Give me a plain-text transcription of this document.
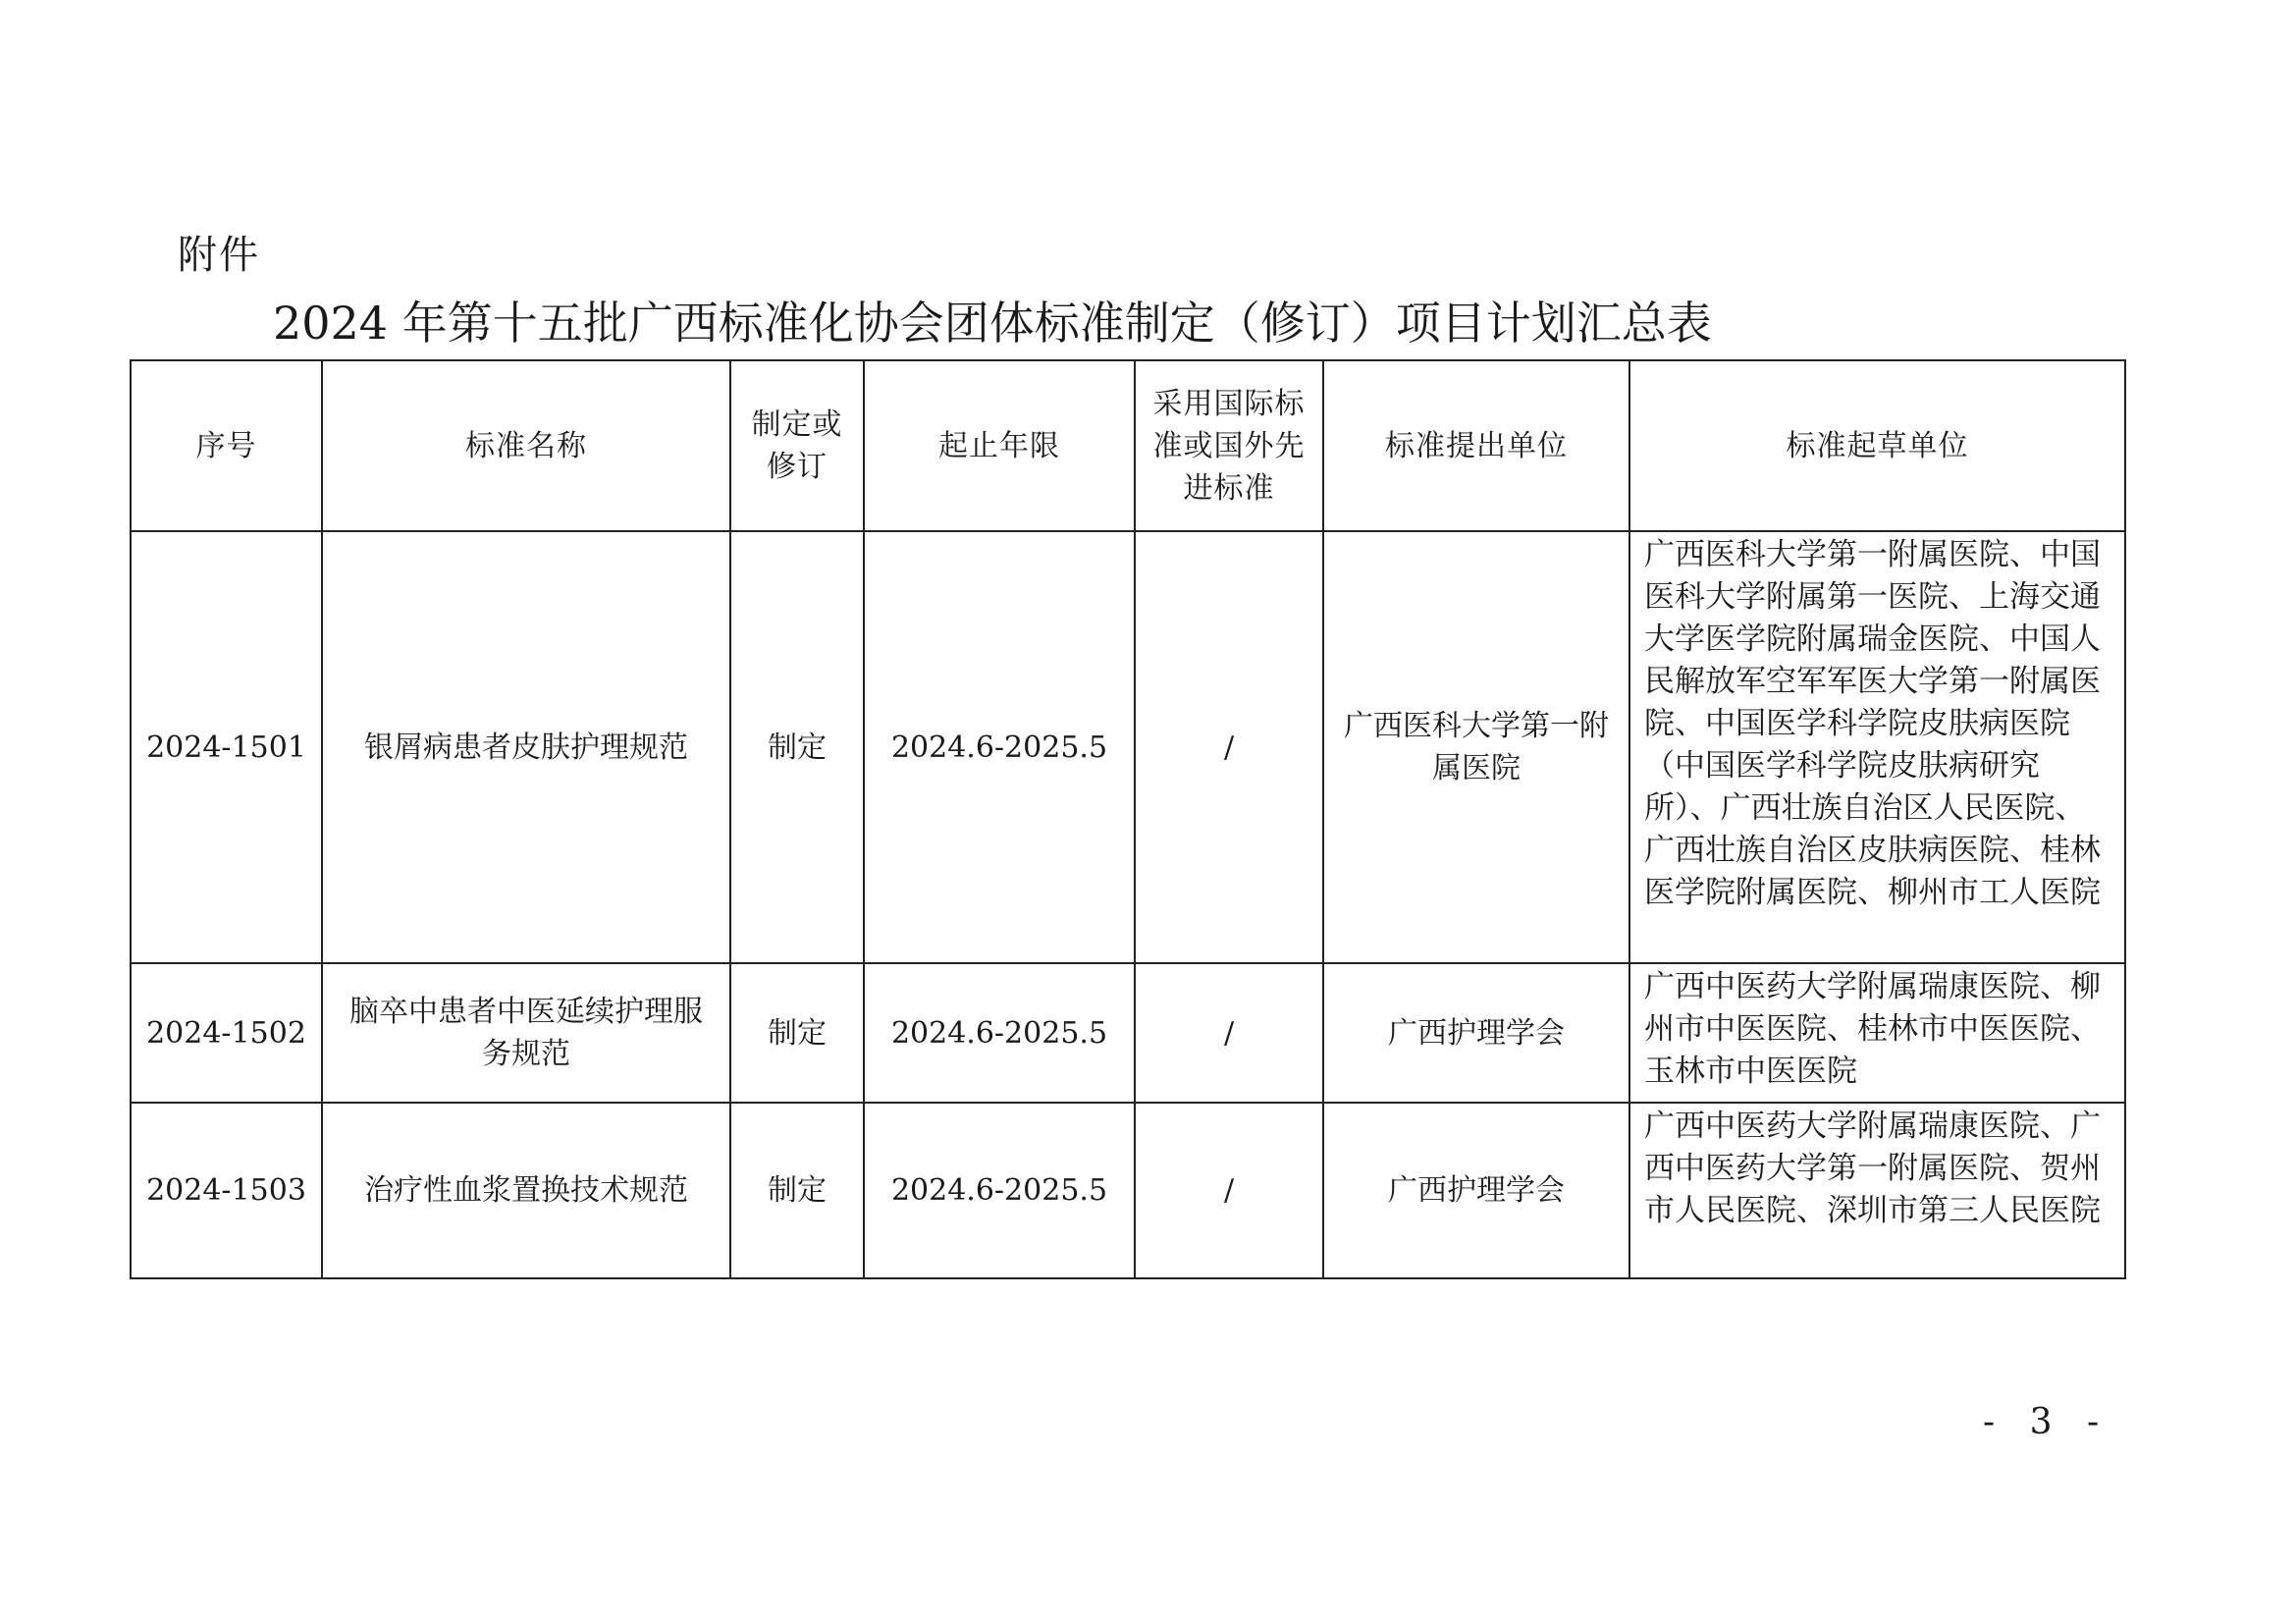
附件
2024 年第十五批广西标准化协会团体标准制定（修订）项目计划汇总表
序号	标准名称	制定或修订	起止年限	采用国际标准或国外先进标准	标准提出单位	标准起草单位
2024-1501	银屑病患者皮肤护理规范	制定	2024.6-2025.5	/	广西医科大学第一附属医院	广西医科大学第一附属医院、中国医科大学附属第一医院、上海交通大学医学院附属瑞金医院、中国人民解放军空军军医大学第一附属医院、中国医学科学院皮肤病医院（中国医学科学院皮肤病研究所）、广西壮族自治区人民医院、广西壮族自治区皮肤病医院、桂林医学院附属医院、柳州市工人医院
2024-1502	脑卒中患者中医延续护理服务规范	制定	2024.6-2025.5	/	广西护理学会	广西中医药大学附属瑞康医院、柳州市中医医院、桂林市中医医院、玉林市中医医院
2024-1503	治疗性血浆置换技术规范	制定	2024.6-2025.5	/	广西护理学会	广西中医药大学附属瑞康医院、广西中医药大学第一附属医院、贺州市人民医院、深圳市第三人民医院
- 3 -
